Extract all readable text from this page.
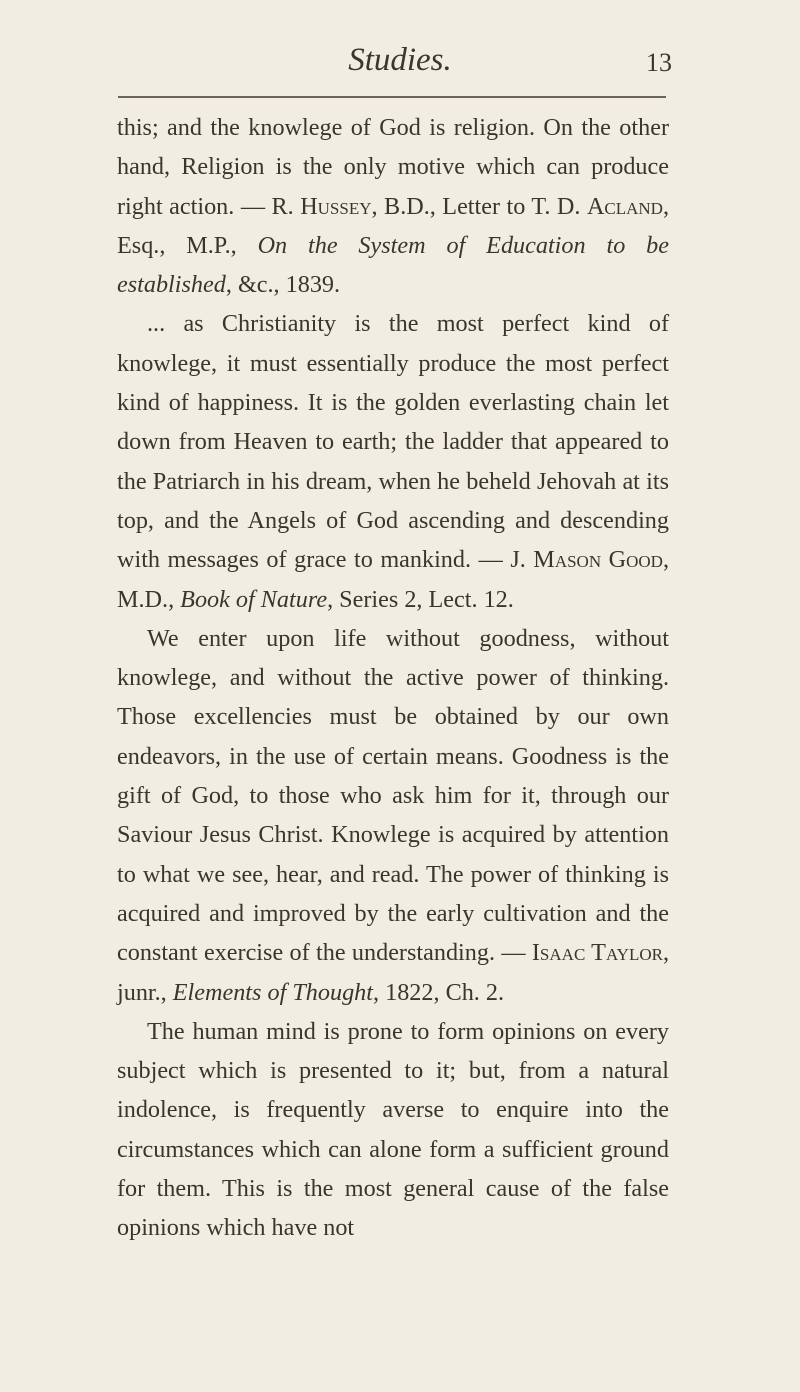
Studies.	13

this; and the knowlege of God is religion. On the other hand, Religion is the only motive which can produce right action. — R. Hussey, B.D., Letter to T. D. Acland, Esq., M.P., On the System of Education to be established, &c., 1839.

... as Christianity is the most perfect kind of knowlege, it must essentially produce the most perfect kind of happiness. It is the golden everlasting chain let down from Heaven to earth; the ladder that appeared to the Patriarch in his dream, when he beheld Jehovah at its top, and the Angels of God ascending and descending with messages of grace to mankind. — J. Mason Good, M.D., Book of Nature, Series 2, Lect. 12.

We enter upon life without goodness, without knowlege, and without the active power of thinking. Those excellencies must be obtained by our own endeavors, in the use of certain means. Goodness is the gift of God, to those who ask him for it, through our Saviour Jesus Christ. Knowlege is acquired by attention to what we see, hear, and read. The power of thinking is acquired and improved by the early cultivation and the constant exercise of the understanding. — Isaac Taylor, junr., Elements of Thought, 1822, Ch. 2.

The human mind is prone to form opinions on every subject which is presented to it; but, from a natural indolence, is frequently averse to enquire into the circumstances which can alone form a sufficient ground for them. This is the most general cause of the false opinions which have not
